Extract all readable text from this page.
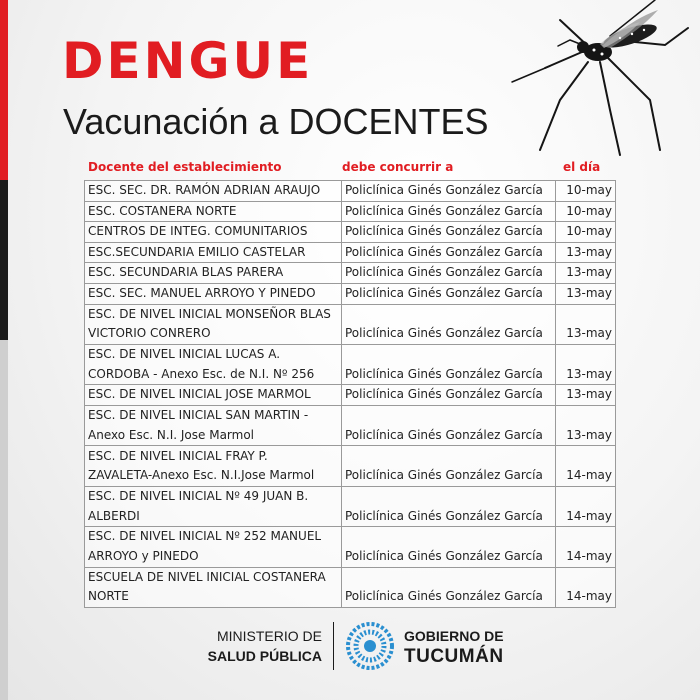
DENGUE
Vacunación a DOCENTES
Docente del establecimiento	debe concurrir a	el día
ESC. SEC. DR. RAMÓN ADRIAN ARAUJO	Policlínica Ginés González García	10-may

ESC. COSTANERA NORTE	Policlínica Ginés González García	10-may

CENTROS DE INTEG. COMUNITARIOS	Policlínica Ginés González García	10-may

ESC.SECUNDARIA EMILIO CASTELAR	Policlínica Ginés González García	13-may

ESC. SECUNDARIA BLAS PARERA	Policlínica Ginés González García	13-may

ESC. SEC. MANUEL ARROYO Y PINEDO	Policlínica Ginés González García	13-may

ESC. DE NIVEL INICIAL MONSEÑOR BLAS
VICTORIO CONRERO	Policlínica Ginés González García	13-may

ESC. DE NIVEL INICIAL LUCAS A.
CORDOBA - Anexo Esc. de N.I. Nº 256	Policlínica Ginés González García	13-may

ESC. DE NIVEL INICIAL JOSE MARMOL	Policlínica Ginés González García	13-may

ESC. DE NIVEL INICIAL SAN MARTIN -
Anexo Esc. N.I. Jose Marmol	Policlínica Ginés González García	13-may

ESC. DE NIVEL INICIAL FRAY P.
ZAVALETA-Anexo Esc. N.I.Jose Marmol	Policlínica Ginés González García	14-may

ESC. DE NIVEL INICIAL Nº 49 JUAN B.
ALBERDI	Policlínica Ginés González García	14-may

ESC. DE NIVEL INICIAL Nº 252 MANUEL
ARROYO y PINEDO	Policlínica Ginés González García	14-may

ESCUELA DE NIVEL INICIAL COSTANERA
NORTE	Policlínica Ginés González García	14-may
MINISTERIO DE
SALUD PÚBLICA
GOBIERNO DE
TUCUMÁN
